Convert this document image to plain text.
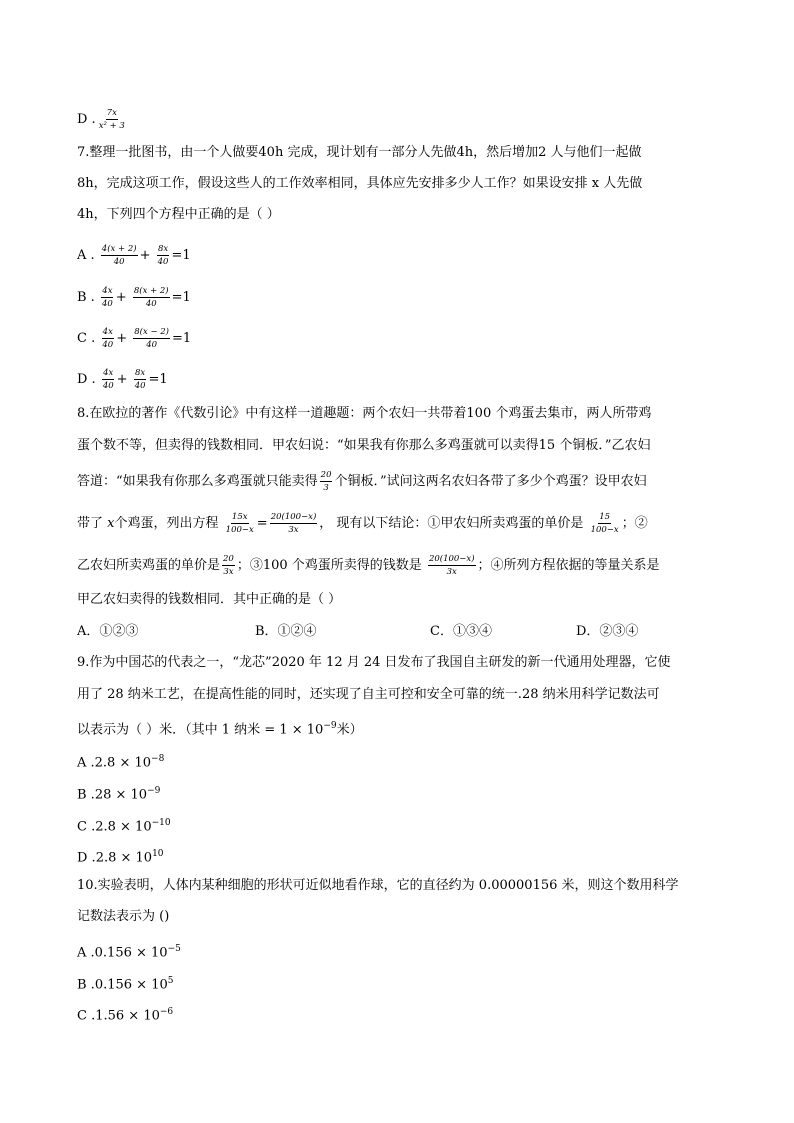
D . $\frac{7x}{\text{x² + 3}}$
7.整理一批图书，由一个人做要40h 完成，现计划有一部分人先做4h，然后增加2 人与他们一起做
8h，完成这项工作，假设这些人的工作效率相同，具体应先安排多少人工作？如果设安排 x 人先做
4h，下列四个方程中正确的是（ ）
A . $\frac{4(x + 2)}{40} + \frac{8x}{40} =1$
B . $\frac{4x}{40} + \frac{8(x + 2)}{40} =1$
C . $\frac{4x}{40} + \frac{8(x - 2)}{40} =1$
D . $\frac{4x}{40} + \frac{8x}{40} =1$
8.在欧拉的著作《代数引论》中有这样一道趣题：两个农妇一共带着100 个鸡蛋去集市，两人所带鸡
蛋个数不等，但卖得的钱数相同．甲农妇说：“如果我有你那么多鸡蛋就可以卖得15 个铜板．”乙农妇
答道：“如果我有你那么多鸡蛋就只能卖得 $\frac{20}{3}$ 个铜板．”试问这两名农妇各带了多少个鸡蛋？设甲农妇
带了 x个鸡蛋，列出方程 $\frac{15x}{100-x} = \frac{20(100-x)}{3x}$ ， 现有以下结论：①甲农妇所卖鸡蛋的单价是 $\frac{15}{100-x}$ ；②
乙农妇所卖鸡蛋的单价是 $\frac{20}{3x}$ ；③100 个鸡蛋所卖得的钱数是 $\frac{20(100-x)}{3x}$ ；④所列方程依据的等量关系是
甲乙农妇卖得的钱数相同．其中正确的是（ ）
A．①②③	B．①②④	C．①③④	D．②③④
9.作为中国芯的代表之一，“龙芯”2020 年 12 月 24 日发布了我国自主研发的新一代通用处理器，它使
用了 28 纳米工艺，在提高性能的同时，还实现了自主可控和安全可靠的统一.28 纳米用科学记数法可
以表示为（ ）米．（其中 1 纳米 = $1 \times 10^{-9}$米）
A $.2.8 \times 10^{-8}$
B $.28 \times 10^{-9}$
C $.2.8 \times 10^{-10}$
D $.2.8 \times 10^{10}$
10.实验表明，人体内某种细胞的形状可近似地看作球，它的直径约为 0.00000156 米，则这个数用科学
记数法表示为 ()
A $.0.156 \times 10^{-5}$
B $.0.156 \times 10^5$
C $.1.56 \times 10^{-6}$
